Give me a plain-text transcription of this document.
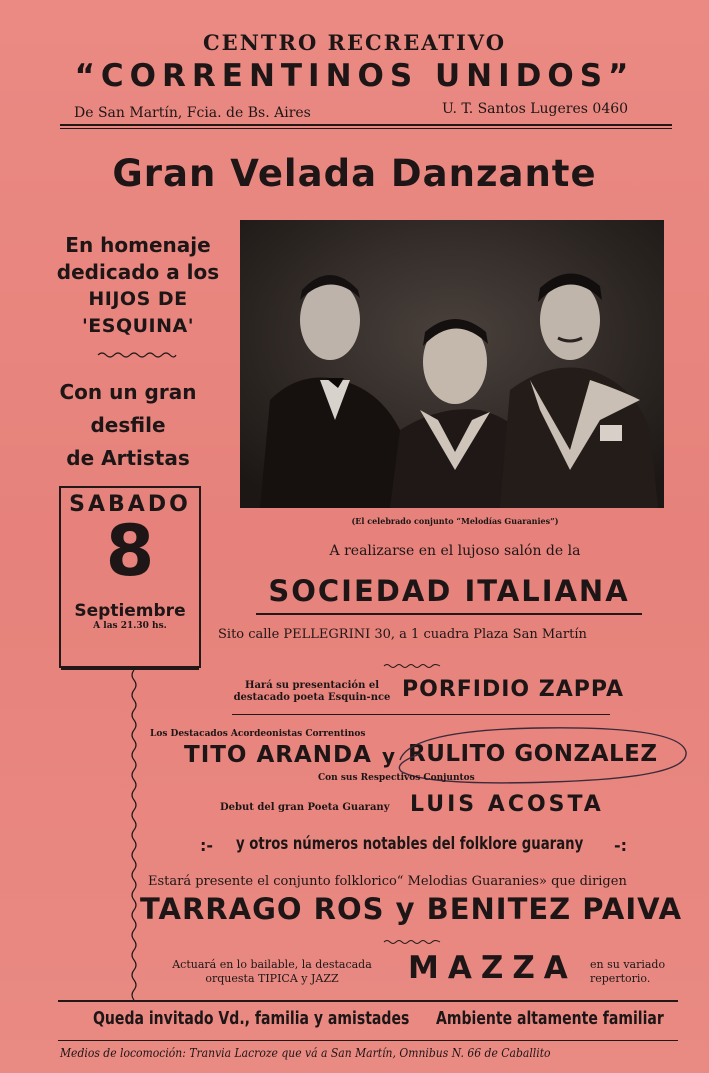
CENTRO RECREATIVO
“CORRENTINOS UNIDOS”
De San Martín, Fcia. de Bs. Aires	U. T. Santos Lugeres 0460
Gran Velada Danzante
En homenaje
dedicado a los
HIJOS DE 'ESQUINA'
Con un gran
desfile
de Artistas
(El celebrado conjunto “Melodías Guaranies”)
SABADO
8
Septiembre
A las 21.30 hs.
A realizarse en el lujoso salón de la
SOCIEDAD ITALIANA
Sito calle PELLEGRINI 30, a 1 cuadra Plaza San Martín
Hará su presentación el
destacado poeta Esquin-nce PORFIDIO ZAPPA
Los Destacados Acordeonistas Correntinos
TITO ARANDA y RULITO GONZALEZ
Con sus Respectivos Conjuntos
Debut del gran Poeta Guarany LUIS ACOSTA
:- y otros números notables del folklore guarany -:
Estará presente el conjunto folklorico“ Melodias Guaranies» que dirigen
TARRAGO ROS y BENITEZ PAIVA
Actuará en lo bailable, la destacada
orquesta TIPICA y JAZZ	MAZZA en su variado
repertorio.
Queda invitado Vd., familia y amistades Ambiente altamente familiar
Medios de locomoción: Tranvia Lacroze que vá a San Martín, Omnibus N. 66 de Caballito
